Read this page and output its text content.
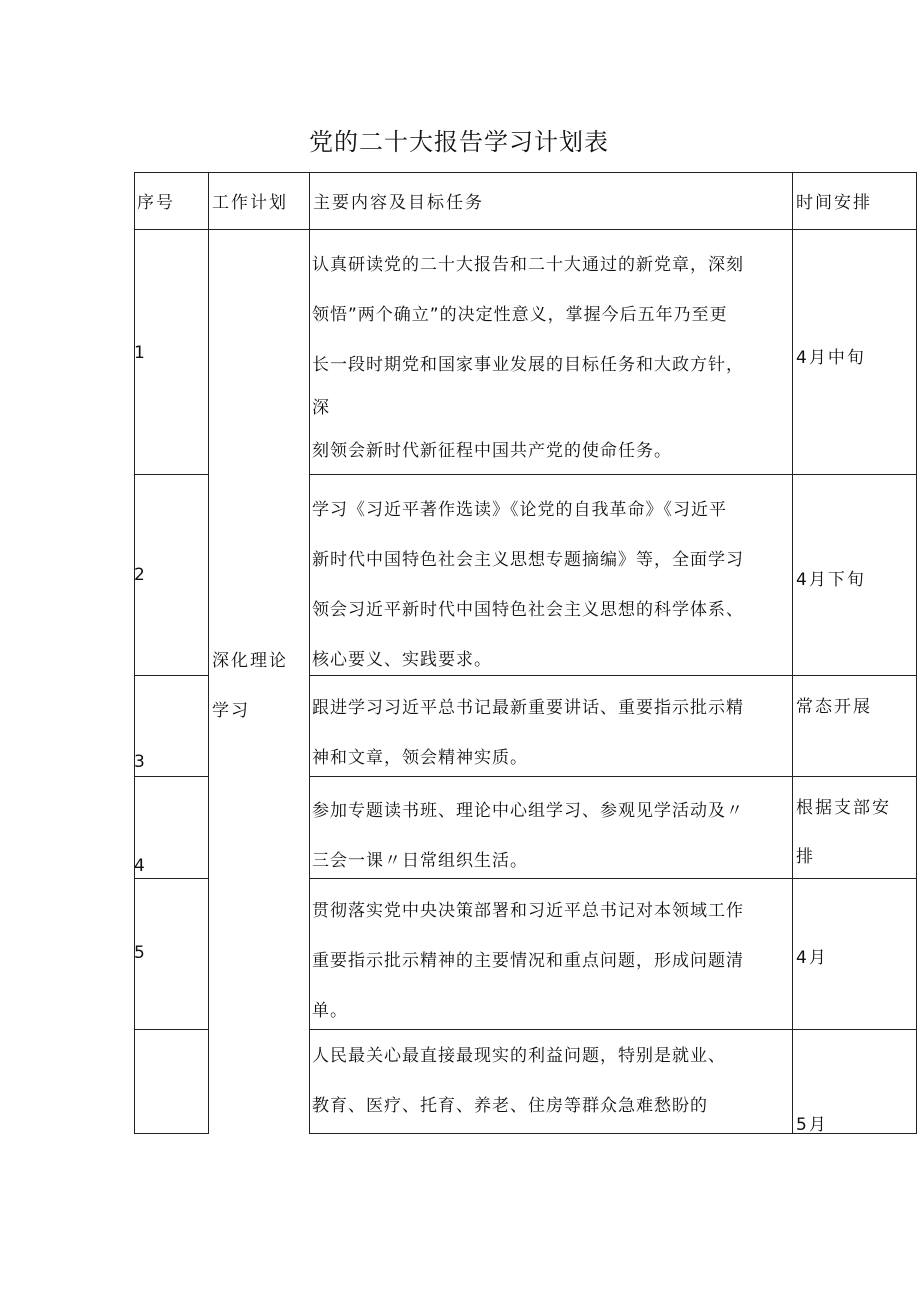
党的二十大报告学习计划表
序号 工作计划 主要内容及目标任务	时间安排
深化理论
学习
1
认真研读党的二十大报告和二十大通过的新党章，深刻
领悟”两个确立”的决定性意义，掌握今后五年乃至更
长一段时期党和国家事业发展的目标任务和大政方针，
深
刻领会新时代新征程中国共产党的使命任务。
4月中旬
2
学习《习近平著作选读》《论党的自我革命》《习近平
新时代中国特色社会主义思想专题摘编》等，全面学习
领会习近平新时代中国特色社会主义思想的科学体系、
核心要义、实践要求。
4月下旬
3
跟进学习习近平总书记最新重要讲话、重要指示批示精
神和文章，领会精神实质。
常态开展
4
参加专题读书班、理论中心组学习、参观见学活动及〃
三会一课〃日常组织生活。
根据支部安
排
5
贯彻落实党中央决策部署和习近平总书记对本领域工作
重要指示批示精神的主要情况和重点问题，形成问题清
单。
4月
人民最关心最直接最现实的利益问题，特别是就业、
教育、医疗、托育、养老、住房等群众急难愁盼的
5月
